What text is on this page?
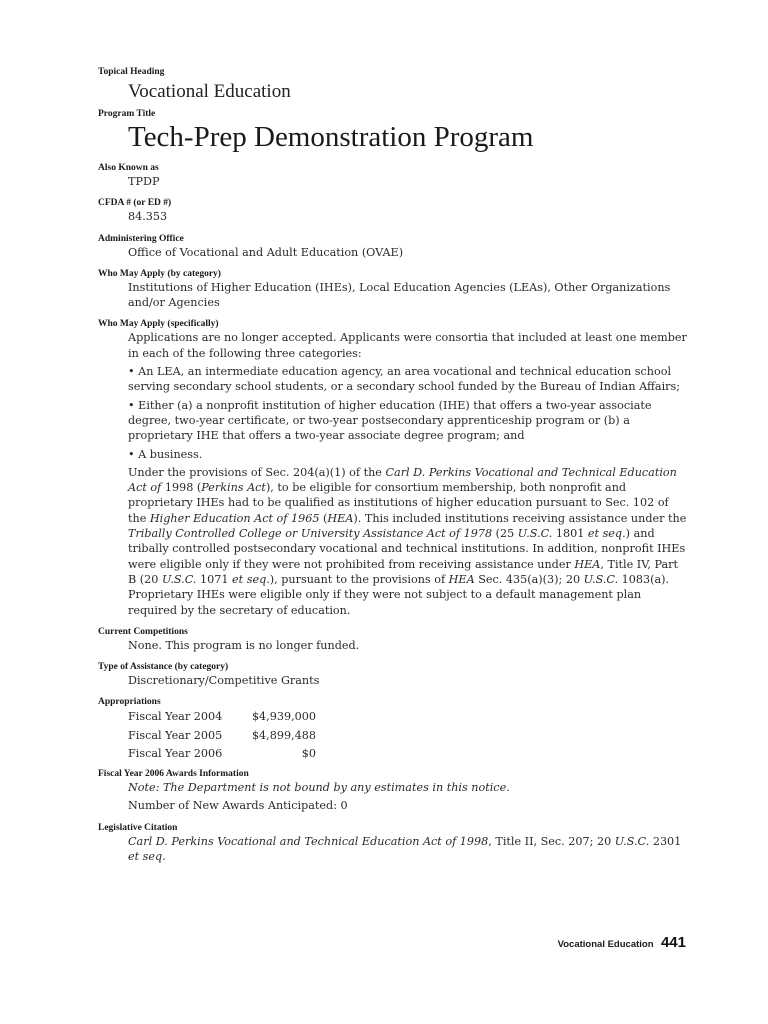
Topical Heading
Vocational Education
Program Title
Tech-Prep Demonstration Program
Also Known as
TPDP
CFDA # (or ED #)
84.353
Administering Office
Office of Vocational and Adult Education (OVAE)
Who May Apply (by category)
Institutions of Higher Education (IHEs), Local Education Agencies (LEAs), Other Organizations and/or Agencies
Who May Apply (specifically)

Applications are no longer accepted. Applicants were consortia that included at least one member in each of the following three categories:

• An LEA, an intermediate education agency, an area vocational and technical education school serving secondary school students, or a secondary school funded by the Bureau of Indian Affairs;

• Either (a) a nonprofit institution of higher education (IHE) that offers a two-year associate degree, two-year certificate, or two-year postsecondary apprenticeship program or (b) a proprietary IHE that offers a two-year associate degree program; and

• A business.

Under the provisions of Sec. 204(a)(1) of the Carl D. Perkins Vocational and Technical Education Act of 1998 (Perkins Act), to be eligible for consortium membership, both nonprofit and proprietary IHEs had to be qualified as institutions of higher education pursuant to Sec. 102 of the Higher Education Act of 1965 (HEA). This included institutions receiving assistance under the Tribally Controlled College or University Assistance Act of 1978 (25 U.S.C. 1801 et seq.) and tribally controlled postsecondary vocational and technical institutions. In addition, nonprofit IHEs were eligible only if they were not prohibited from receiving assistance under HEA, Title IV, Part B (20 U.S.C. 1071 et seq.), pursuant to the provisions of HEA Sec. 435(a)(3); 20 U.S.C. 1083(a). Proprietary IHEs were eligible only if they were not subject to a default management plan required by the secretary of education.

Current Competitions
None. This program is no longer funded.
Type of Assistance (by category)
Discretionary/Competitive Grants
Appropriations
Fiscal Year 2004	$4,939,000
Fiscal Year 2005	$4,899,488
Fiscal Year 2006	$0
Fiscal Year 2006 Awards Information
Note: The Department is not bound by any estimates in this notice.
Number of New Awards Anticipated: 0
Legislative Citation

Carl D. Perkins Vocational and Technical Education Act of 1998, Title II, Sec. 207; 20 U.S.C. 2301 et seq.

Vocational Education 441
